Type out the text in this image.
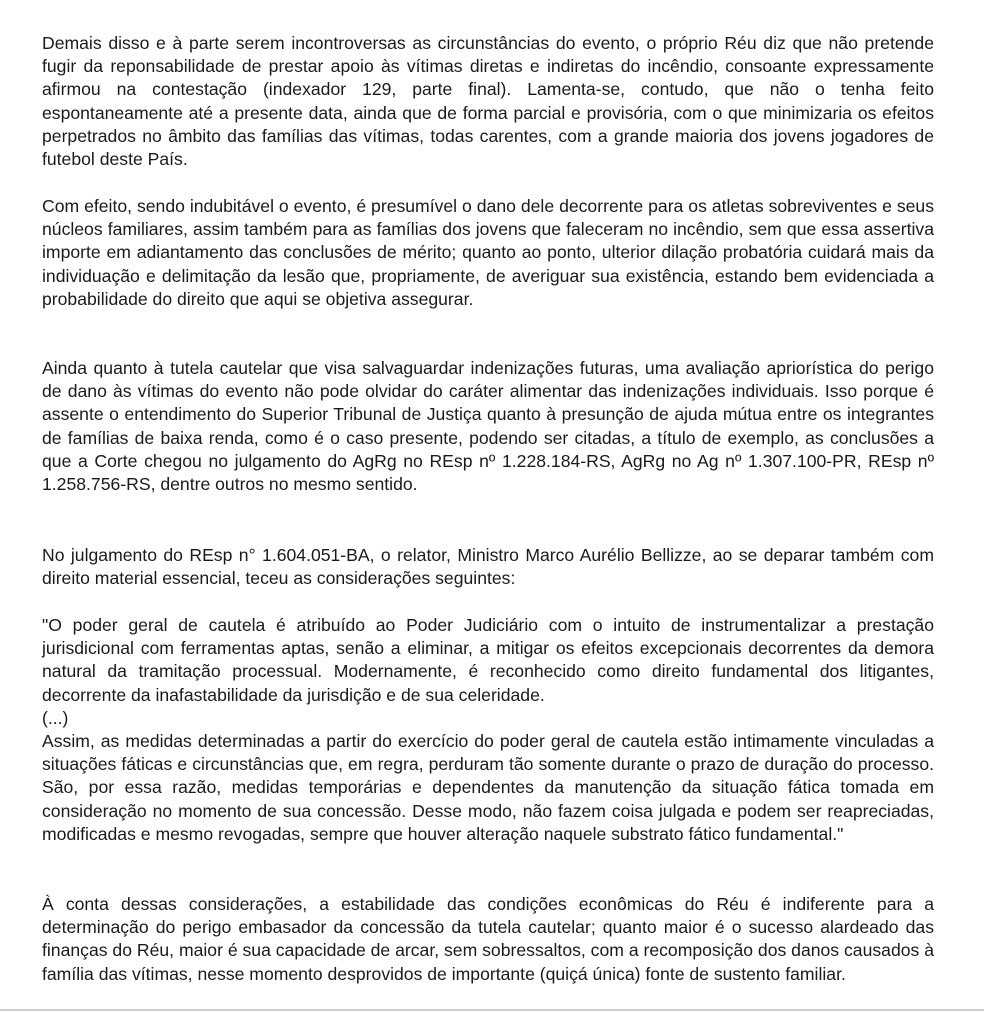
Demais disso e à parte serem incontroversas as circunstâncias do evento, o próprio Réu diz que não pretende fugir da reponsabilidade de prestar apoio às vítimas diretas e indiretas do incêndio, consoante expressamente afirmou na contestação (indexador 129, parte final). Lamenta-se, contudo, que não o tenha feito espontaneamente até a presente data, ainda que de forma parcial e provisória, com o que minimizaria os efeitos perpetrados no âmbito das famílias das vítimas, todas carentes, com a grande maioria dos jovens jogadores de futebol deste País.

Com efeito, sendo indubitável o evento, é presumível o dano dele decorrente para os atletas sobreviventes e seus núcleos familiares, assim também para as famílias dos jovens que faleceram no incêndio, sem que essa assertiva importe em adiantamento das conclusões de mérito; quanto ao ponto, ulterior dilação probatória cuidará mais da individuação e delimitação da lesão que, propriamente, de averiguar sua existência, estando bem evidenciada a probabilidade do direito que aqui se objetiva assegurar.

Ainda quanto à tutela cautelar que visa salvaguardar indenizações futuras, uma avaliação apriorística do perigo de dano às vítimas do evento não pode olvidar do caráter alimentar das indenizações individuais. Isso porque é assente o entendimento do Superior Tribunal de Justiça quanto à presunção de ajuda mútua entre os integrantes de famílias de baixa renda, como é o caso presente, podendo ser citadas, a título de exemplo, as conclusões a que a Corte chegou no julgamento do AgRg no REsp nº 1.228.184-RS, AgRg no Ag nº 1.307.100-PR, REsp nº 1.258.756-RS, dentre outros no mesmo sentido.

No julgamento do REsp n° 1.604.051-BA, o relator, Ministro Marco Aurélio Bellizze, ao se deparar também com direito material essencial, teceu as considerações seguintes:

"O poder geral de cautela é atribuído ao Poder Judiciário com o intuito de instrumentalizar a prestação jurisdicional com ferramentas aptas, senão a eliminar, a mitigar os efeitos excepcionais decorrentes da demora natural da tramitação processual. Modernamente, é reconhecido como direito fundamental dos litigantes, decorrente da inafastabilidade da jurisdição e de sua celeridade.
(...)
Assim, as medidas determinadas a partir do exercício do poder geral de cautela estão intimamente vinculadas a situações fáticas e circunstâncias que, em regra, perduram tão somente durante o prazo de duração do processo. São, por essa razão, medidas temporárias e dependentes da manutenção da situação fática tomada em consideração no momento de sua concessão. Desse modo, não fazem coisa julgada e podem ser reapreciadas, modificadas e mesmo revogadas, sempre que houver alteração naquele substrato fático fundamental."

À conta dessas considerações, a estabilidade das condições econômicas do Réu é indiferente para a determinação do perigo embasador da concessão da tutela cautelar; quanto maior é o sucesso alardeado das finanças do Réu, maior é sua capacidade de arcar, sem sobressaltos, com a recomposição dos danos causados à família das vítimas, nesse momento desprovidos de importante (quiçá única) fonte de sustento familiar.
